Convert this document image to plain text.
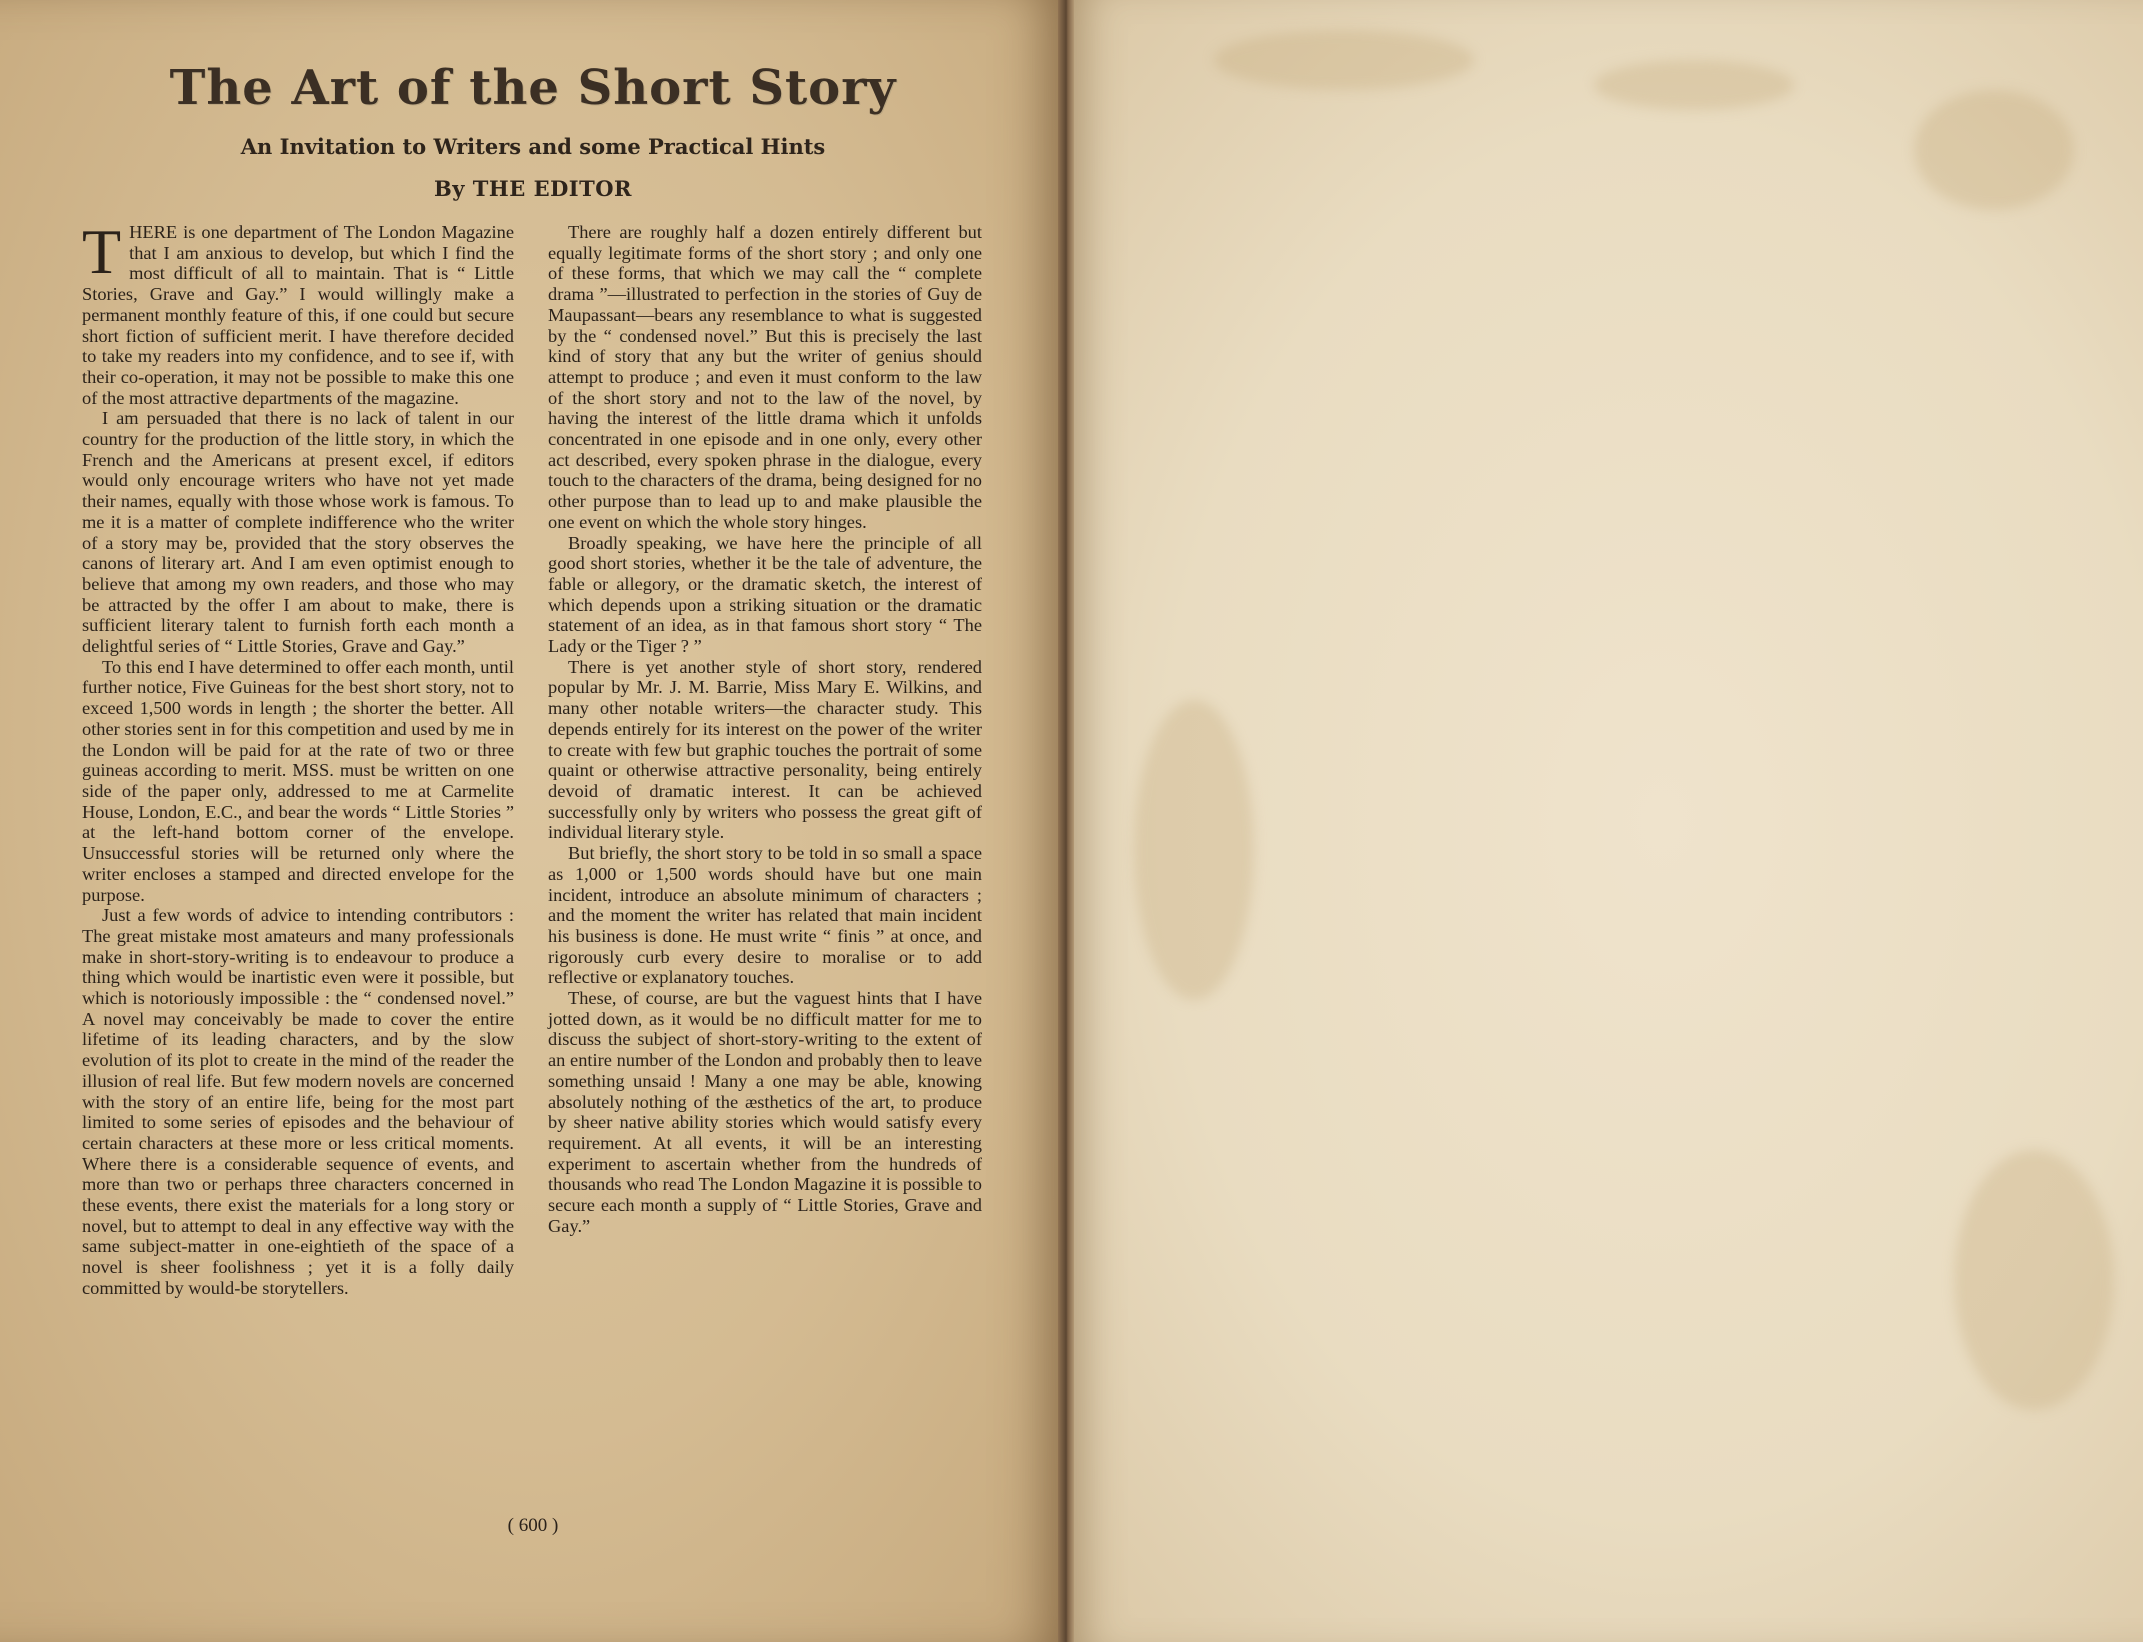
The Art of the Short Story
An Invitation to Writers and some Practical Hints
By THE EDITOR

THERE is one department of The London Magazine that I am anxious to develop, but which I find the most difficult of all to maintain. That is “ Little Stories, Grave and Gay.” I would willingly make a permanent monthly feature of this, if one could but secure short fiction of sufficient merit. I have therefore decided to take my readers into my confidence, and to see if, with their co-operation, it may not be possible to make this one of the most attractive departments of the magazine.

I am persuaded that there is no lack of talent in our country for the production of the little story, in which the French and the Americans at present excel, if editors would only encourage writers who have not yet made their names, equally with those whose work is famous. To me it is a matter of complete indifference who the writer of a story may be, provided that the story observes the canons of literary art. And I am even optimist enough to believe that among my own readers, and those who may be attracted by the offer I am about to make, there is sufficient literary talent to furnish forth each month a delightful series of “ Little Stories, Grave and Gay.”

To this end I have determined to offer each month, until further notice, Five Guineas for the best short story, not to exceed 1,500 words in length ; the shorter the better. All other stories sent in for this competition and used by me in the London will be paid for at the rate of two or three guineas according to merit. MSS. must be written on one side of the paper only, addressed to me at Carmelite House, London, E.C., and bear the words “ Little Stories ” at the left-hand bottom corner of the envelope. Unsuccessful stories will be returned only where the writer encloses a stamped and directed envelope for the purpose.

Just a few words of advice to intending contributors : The great mistake most amateurs and many professionals make in short-story-writing is to endeavour to produce a thing which would be inartistic even were it possible, but which is notoriously impossible : the “ condensed novel.” A novel may conceivably be made to cover the entire lifetime of its leading characters, and by the slow evolution of its plot to create in the mind of the reader the illusion of real life. But few modern novels are concerned with the story of an entire life, being for the most part limited to some series of episodes and the behaviour of certain characters at these more or less critical moments. Where there is a considerable sequence of events, and more than two or perhaps three characters concerned in these events, there exist the materials for a long story or novel, but to attempt to deal in any effective way with the same subject-matter in one-eightieth of the space of a novel is sheer foolishness ; yet it is a folly daily committed by would-be storytellers.

There are roughly half a dozen entirely different but equally legitimate forms of the short story ; and only one of these forms, that which we may call the “ complete drama ”—illustrated to perfection in the stories of Guy de Maupassant—bears any resemblance to what is suggested by the “ condensed novel.” But this is precisely the last kind of story that any but the writer of genius should attempt to produce ; and even it must conform to the law of the short story and not to the law of the novel, by having the interest of the little drama which it unfolds concentrated in one episode and in one only, every other act described, every spoken phrase in the dialogue, every touch to the characters of the drama, being designed for no other purpose than to lead up to and make plausible the one event on which the whole story hinges.

Broadly speaking, we have here the principle of all good short stories, whether it be the tale of adventure, the fable or allegory, or the dramatic sketch, the interest of which depends upon a striking situation or the dramatic statement of an idea, as in that famous short story “ The Lady or the Tiger ? ”

There is yet another style of short story, rendered popular by Mr. J. M. Barrie, Miss Mary E. Wilkins, and many other notable writers—the character study. This depends entirely for its interest on the power of the writer to create with few but graphic touches the portrait of some quaint or otherwise attractive personality, being entirely devoid of dramatic interest. It can be achieved successfully only by writers who possess the great gift of individual literary style.

But briefly, the short story to be told in so small a space as 1,000 or 1,500 words should have but one main incident, introduce an absolute minimum of characters ; and the moment the writer has related that main incident his business is done. He must write “ finis ” at once, and rigorously curb every desire to moralise or to add reflective or explanatory touches.

These, of course, are but the vaguest hints that I have jotted down, as it would be no difficult matter for me to discuss the subject of short-story-writing to the extent of an entire number of the London and probably then to leave something unsaid ! Many a one may be able, knowing absolutely nothing of the æsthetics of the art, to produce by sheer native ability stories which would satisfy every requirement. At all events, it will be an interesting experiment to ascertain whether from the hundreds of thousands who read The London Magazine it is possible to secure each month a supply of “ Little Stories, Grave and Gay.”

( 600 )
